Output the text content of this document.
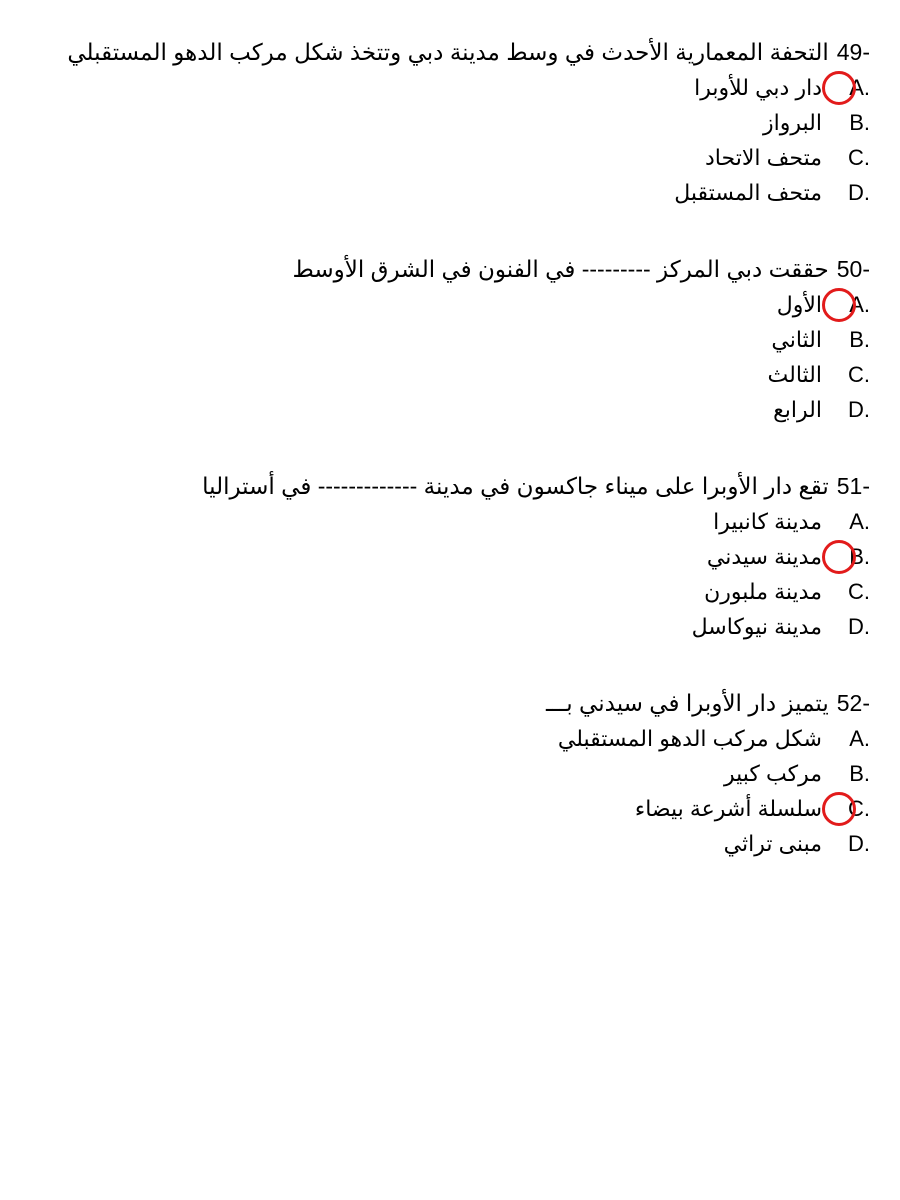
49-التحفة المعمارية الأحدث في وسط مدينة دبي وتتخذ شكل مركب الدهو المستقبلي
A.
دار دبي للأوبرا
B.البرواز
C.متحف الاتحاد
D.متحف المستقبل
50-حققت دبي المركز --------- في الفنون في الشرق الأوسط
A.
الأول
B.الثاني
C.الثالث
D.الرابع
51-تقع دار الأوبرا على ميناء جاكسون في مدينة ------------- في أستراليا
A.مدينة كانبيرا
B.
مدينة سيدني
C.مدينة ملبورن
D.مدينة نيوكاسل
52-يتميز دار الأوبرا في سيدني بـــ
A.شكل مركب الدهو المستقبلي
B.مركب كبير
C.
سلسلة أشرعة بيضاء
D.مبنى تراثي
